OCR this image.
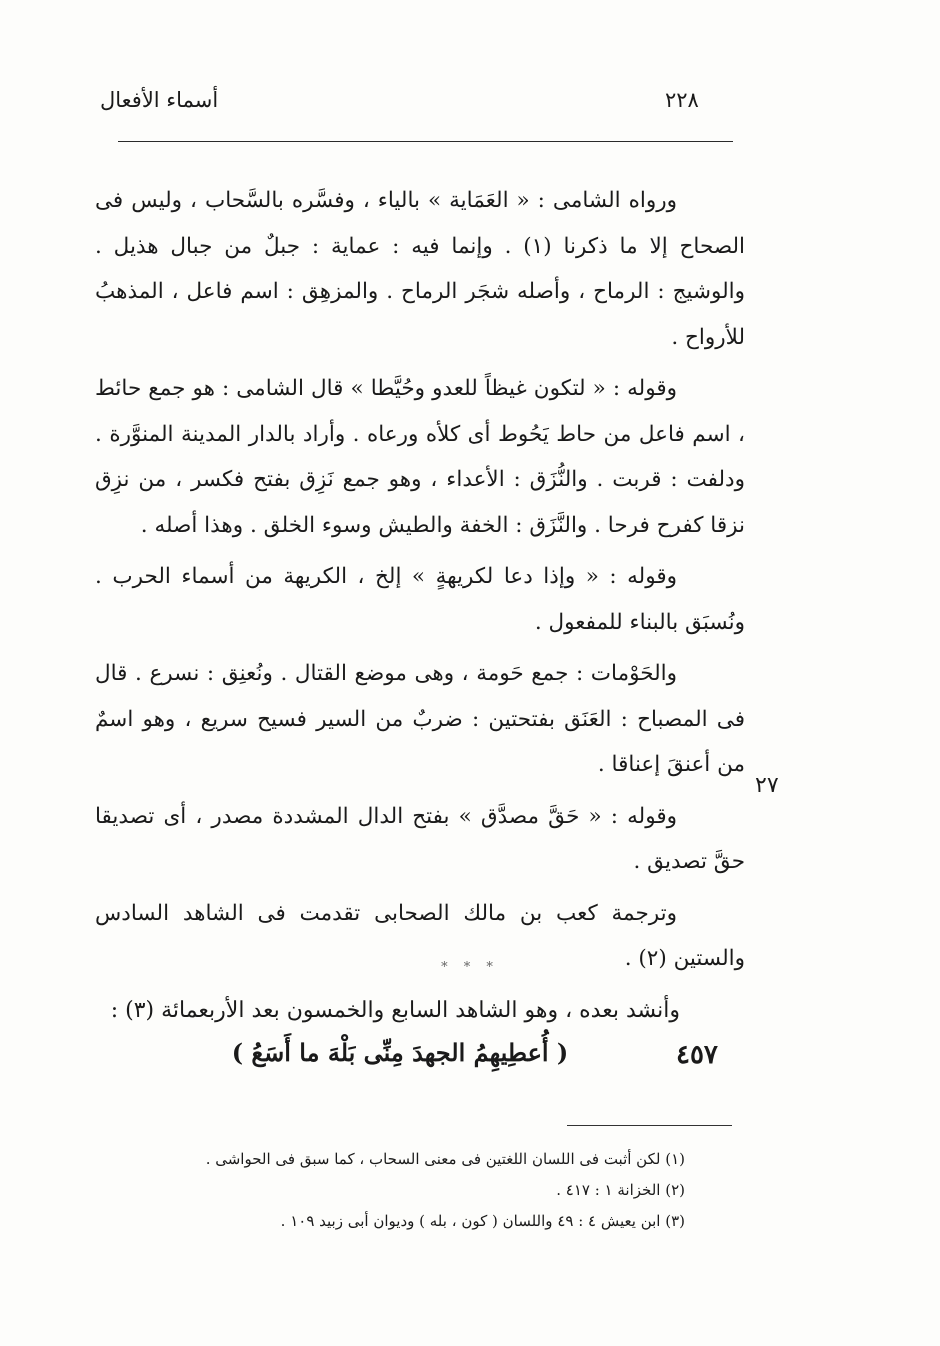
أسماء الأفعال	٢٢٨

ورواه الشامى : « العَمَاية » بالياء ، وفسَّره بالسَّحاب ، وليس فى الصحاح إلا ما ذكرنا (١) . وإنما فيه : عماية : جبلٌ من جبال هذيل . والوشيج : الرماح ، وأصله شجَر الرماح . والمزهِق : اسم فاعل ، المذهبُ للأرواح .

وقوله : « لتكون غيظاً للعدو وحُيَّطا » قال الشامى : هو جمع حائط ، اسم فاعل من حاط يَحُوط أى كلأه ورعاه . وأراد بالدار المدينة المنوَّرة . ودلفت : قربت . والنُّزَق : الأعداء ، وهو جمع نَزِق بفتح فكسر ، من نزِق نزقا كفرح فرحا . والنَّزَق : الخفة والطيش وسوء الخلق . وهذا أصله .

وقوله : « وإذا دعا لكريهةٍ » إلخ ، الكريهة من أسماء الحرب . ونُسبَق بالبناء للمفعول .

والحَوْمات : جمع حَومة ، وهى موضع القتال . ونُعنِق : نسرع . قال فى المصباح : العَنَق بفتحتين : ضربٌ من السير فسيح سريع ، وهو اسمٌ من أعنقَ إعناقا .

وقوله : « حَقَّ مصدَّق » بفتح الدال المشددة مصدر ، أى تصديقا حقَّ تصديق .

وترجمة كعب بن مالك الصحابى تقدمت فى الشاهد السادس والستين (٢) .

٢٧
* * *
وأنشد بعده ، وهو الشاهد السابع والخمسون بعد الأربعمائة (٣) :
٤٥٧
( أُعطِيهِمُ الجهدَ مِنِّى بَلْهَ ما أَسَعُ )

(١) لكن أثبت فى اللسان اللغتين فى معنى السحاب ، كما سبق فى الحواشى .

(٢) الخزانة ١ : ٤١٧ .

(٣) ابن يعيش ٤ : ٤٩ واللسان ( كون ، بله ) وديوان أبى زبيد ١٠٩ .
